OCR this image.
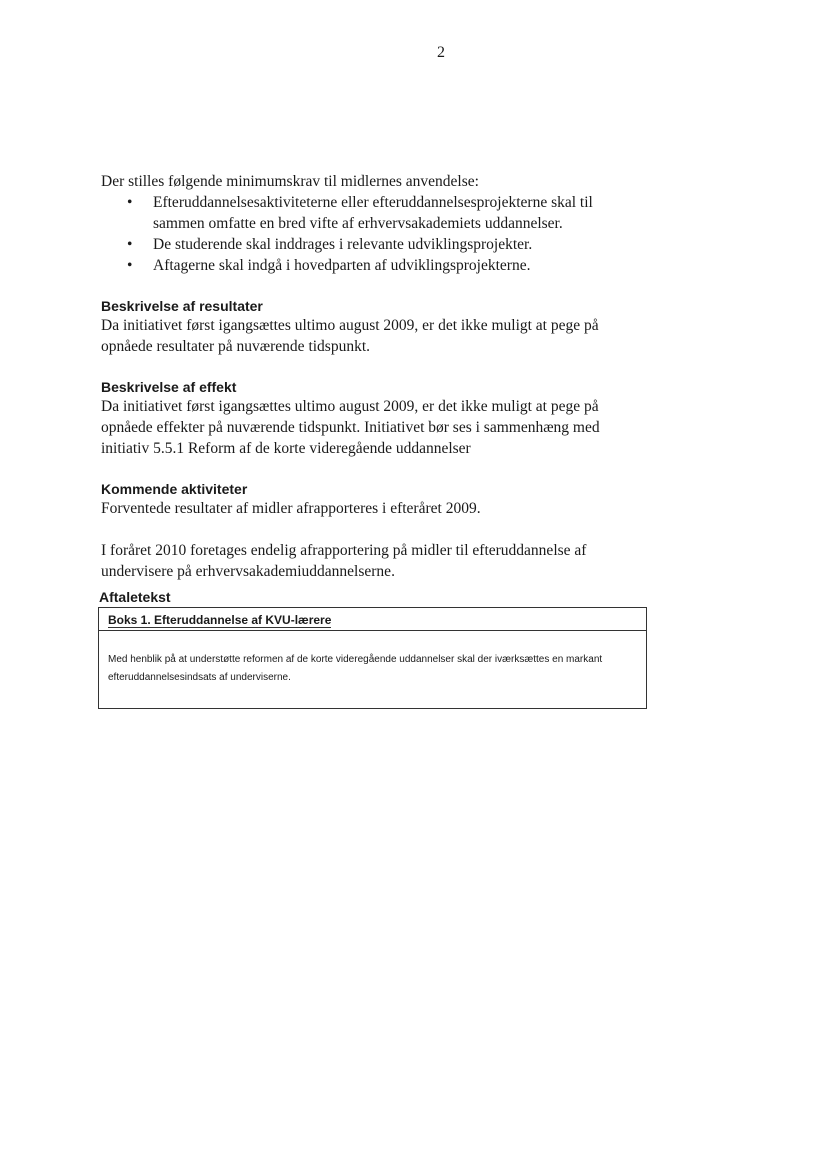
2

Der stilles følgende minimumskrav til midlernes anvendelse:

• Efteruddannelsesaktiviteterne eller efteruddannelsesprojekterne skal til sammen omfatte en bred vifte af erhvervsakademiets uddannelser.
• De studerende skal inddrages i relevante udviklingsprojekter.
• Aftagerne skal indgå i hovedparten af udviklingsprojekterne.
Beskrivelse af resultater

Da initiativet først igangsættes ultimo august 2009, er det ikke muligt at pege på opnåede resultater på nuværende tidspunkt.

Beskrivelse af effekt

Da initiativet først igangsættes ultimo august 2009, er det ikke muligt at pege på opnåede effekter på nuværende tidspunkt. Initiativet bør ses i sammenhæng med initiativ 5.5.1 Reform af de korte videregående uddannelser

Kommende aktiviteter

Forventede resultater af midler afrapporteres i efteråret 2009.

I foråret 2010 foretages endelig afrapportering på midler til efteruddannelse af undervisere på erhvervsakademiuddannelserne.

Aftaletekst
Boks 1. Efteruddannelse af KVU-lærere
Med henblik på at understøtte reformen af de korte videregående uddannelser skal der iværksættes en markant efteruddannelsesindsats af underviserne.
